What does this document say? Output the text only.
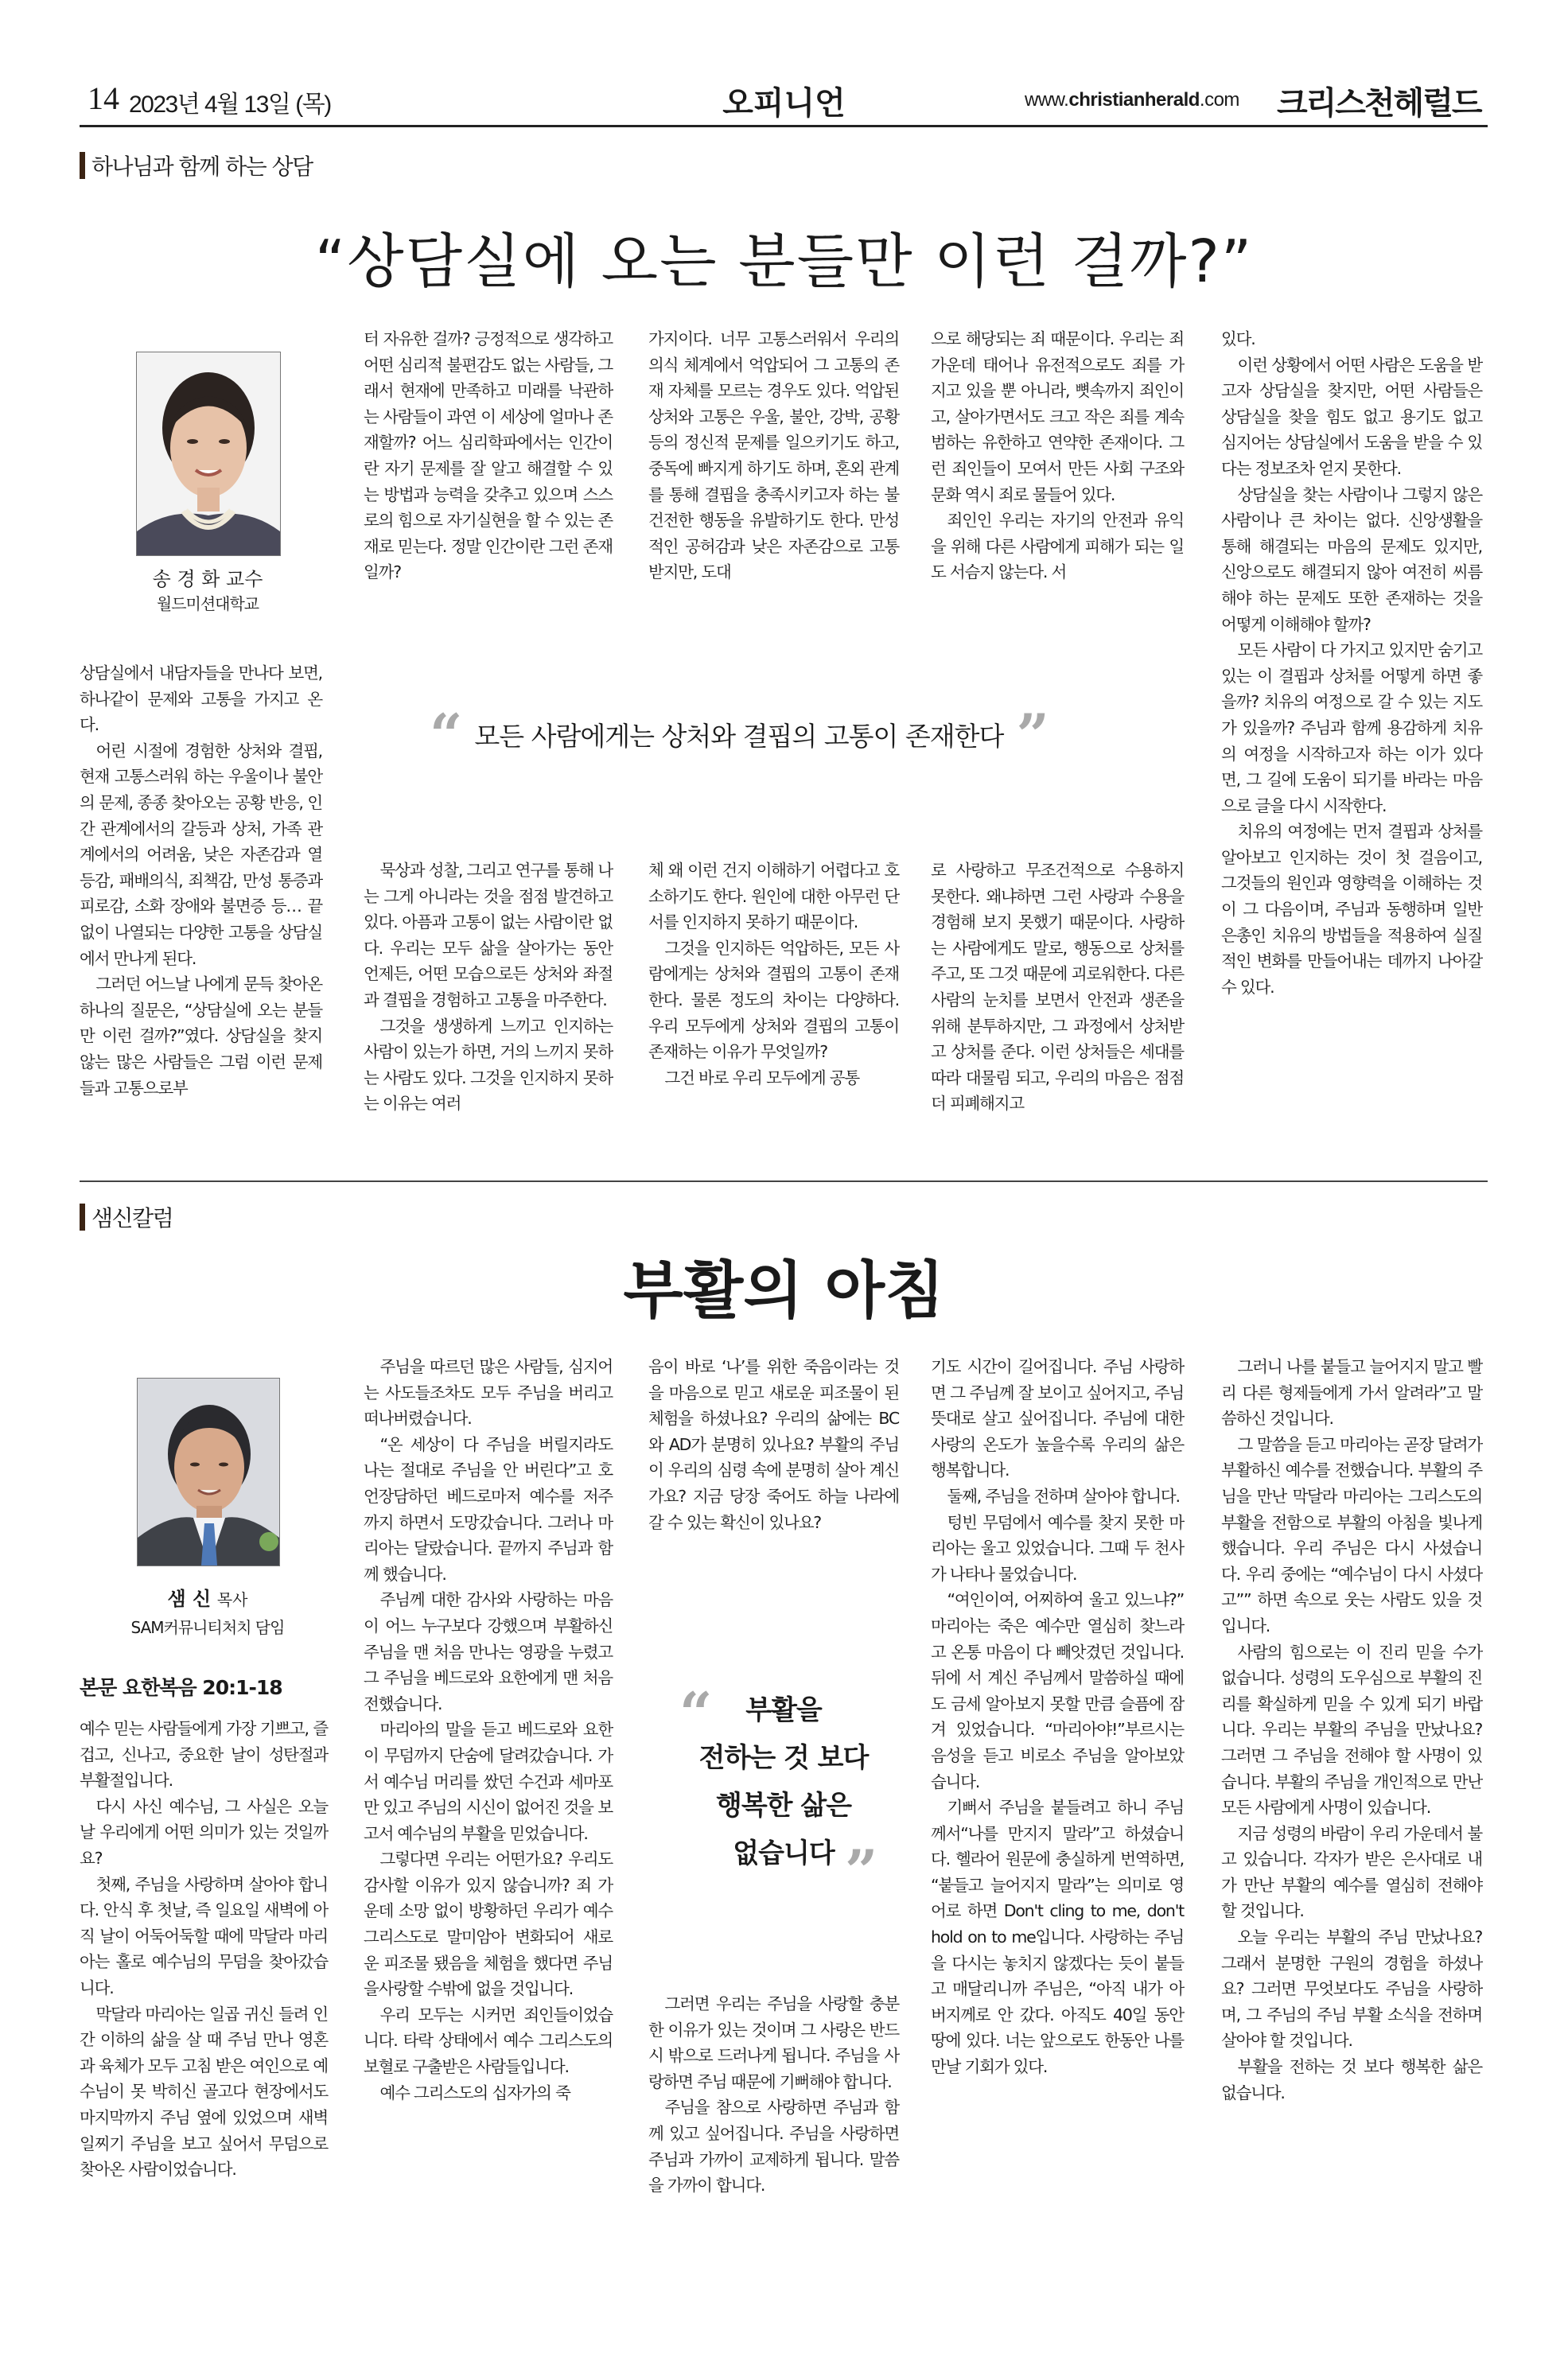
14 2023년 4월 13일 (목)	오피니언	www.christianherald.com 크리스천헤럴드
하나님과 함께 하는 상담
“상담실에 오는 분들만 이런 걸까?”
송 경 화 교수
월드미션대학교

상담실에서 내담자들을 만나다 보면, 하나같이 문제와 고통을 가지고 온다.

어린 시절에 경험한 상처와 결핍, 현재 고통스러워 하는 우울이나 불안의 문제, 종종 찾아오는 공황 반응, 인간 관계에서의 갈등과 상처, 가족 관계에서의 어려움, 낮은 자존감과 열등감, 패배의식, 죄책감, 만성 통증과 피로감, 소화 장애와 불면증 등… 끝없이 나열되는 다양한 고통을 상담실에서 만나게 된다.

그러던 어느날 나에게 문득 찾아온 하나의 질문은, “상담실에 오는 분들만 이런 걸까?”였다. 상담실을 찾지 않는 많은 사람들은 그럼 이런 문제들과 고통으로부

터 자유한 걸까? 긍정적으로 생각하고 어떤 심리적 불편감도 없는 사람들, 그래서 현재에 만족하고 미래를 낙관하는 사람들이 과연 이 세상에 얼마나 존재할까? 어느 심리학파에서는 인간이란 자기 문제를 잘 알고 해결할 수 있는 방법과 능력을 갖추고 있으며 스스로의 힘으로 자기실현을 할 수 있는 존재로 믿는다. 정말 인간이란 그런 존재일까?

가지이다. 너무 고통스러워서 우리의 의식 체계에서 억압되어 그 고통의 존재 자체를 모르는 경우도 있다. 억압된 상처와 고통은 우울, 불안, 강박, 공황 등의 정신적 문제를 일으키기도 하고, 중독에 빠지게 하기도 하며, 혼외 관계를 통해 결핍을 충족시키고자 하는 불건전한 행동을 유발하기도 한다. 만성적인 공허감과 낮은 자존감으로 고통받지만, 도대

으로 해당되는 죄 때문이다. 우리는 죄 가운데 태어나 유전적으로도 죄를 가지고 있을 뿐 아니라, 뼛속까지 죄인이고, 살아가면서도 크고 작은 죄를 계속 범하는 유한하고 연약한 존재이다. 그런 죄인들이 모여서 만든 사회 구조와 문화 역시 죄로 물들어 있다.

죄인인 우리는 자기의 안전과 유익을 위해 다른 사람에게 피해가 되는 일도 서슴지 않는다. 서

“ 모든 사람에게는 상처와 결핍의 고통이 존재한다 ”

묵상과 성찰, 그리고 연구를 통해 나는 그게 아니라는 것을 점점 발견하고 있다. 아픔과 고통이 없는 사람이란 없다. 우리는 모두 삶을 살아가는 동안 언제든, 어떤 모습으로든 상처와 좌절과 결핍을 경험하고 고통을 마주한다.

그것을 생생하게 느끼고 인지하는 사람이 있는가 하면, 거의 느끼지 못하는 사람도 있다. 그것을 인지하지 못하는 이유는 여러

체 왜 이런 건지 이해하기 어렵다고 호소하기도 한다. 원인에 대한 아무런 단서를 인지하지 못하기 때문이다.

그것을 인지하든 억압하든, 모든 사람에게는 상처와 결핍의 고통이 존재한다. 물론 정도의 차이는 다양하다. 우리 모두에게 상처와 결핍의 고통이 존재하는 이유가 무엇일까?

그건 바로 우리 모두에게 공통

로 사랑하고 무조건적으로 수용하지 못한다. 왜냐하면 그런 사랑과 수용을 경험해 보지 못했기 때문이다. 사랑하는 사람에게도 말로, 행동으로 상처를 주고, 또 그것 때문에 괴로워한다. 다른 사람의 눈치를 보면서 안전과 생존을 위해 분투하지만, 그 과정에서 상처받고 상처를 준다. 이런 상처들은 세대를 따라 대물림 되고, 우리의 마음은 점점 더 피폐해지고

있다.

이런 상황에서 어떤 사람은 도움을 받고자 상담실을 찾지만, 어떤 사람들은 상담실을 찾을 힘도 없고 용기도 없고 심지어는 상담실에서 도움을 받을 수 있다는 정보조차 얻지 못한다.

상담실을 찾는 사람이나 그렇지 않은 사람이나 큰 차이는 없다. 신앙생활을 통해 해결되는 마음의 문제도 있지만, 신앙으로도 해결되지 않아 여전히 씨름해야 하는 문제도 또한 존재하는 것을 어떻게 이해해야 할까?

모든 사람이 다 가지고 있지만 숨기고 있는 이 결핍과 상처를 어떻게 하면 좋을까? 치유의 여정으로 갈 수 있는 지도가 있을까? 주님과 함께 용감하게 치유의 여정을 시작하고자 하는 이가 있다면, 그 길에 도움이 되기를 바라는 마음으로 글을 다시 시작한다.

치유의 여정에는 먼저 결핍과 상처를 알아보고 인지하는 것이 첫 걸음이고, 그것들의 원인과 영향력을 이해하는 것이 그 다음이며, 주님과 동행하며 일반 은총인 치유의 방법들을 적용하여 실질적인 변화를 만들어내는 데까지 나아갈 수 있다.

샘신칼럼
부활의 아침
샘 신 목사
SAM커뮤니티처치 담임
본문 요한복음 20:1-18

예수 믿는 사람들에게 가장 기쁘고, 즐겁고, 신나고, 중요한 날이 성탄절과 부활절입니다.

다시 사신 예수님, 그 사실은 오늘날 우리에게 어떤 의미가 있는 것일까요?

첫째, 주님을 사랑하며 살아야 합니다. 안식 후 첫날, 즉 일요일 새벽에 아직 날이 어둑어둑할 때에 막달라 마리아는 홀로 예수님의 무덤을 찾아갔습니다.

막달라 마리아는 일곱 귀신 들려 인간 이하의 삶을 살 때 주님 만나 영혼과 육체가 모두 고침 받은 여인으로 예수님이 못 박히신 골고다 현장에서도 마지막까지 주님 옆에 있었으며 새벽 일찌기 주님을 보고 싶어서 무덤으로 찾아온 사람이었습니다.

주님을 따르던 많은 사람들, 심지어는 사도들조차도 모두 주님을 버리고 떠나버렸습니다.

“온 세상이 다 주님을 버릴지라도 나는 절대로 주님을 안 버린다”고 호언장담하던 베드로마저 예수를 저주까지 하면서 도망갔습니다. 그러나 마리아는 달랐습니다. 끝까지 주님과 함께 했습니다.

주님께 대한 감사와 사랑하는 마음이 어느 누구보다 강했으며 부활하신 주님을 맨 처음 만나는 영광을 누렸고 그 주님을 베드로와 요한에게 맨 처음 전했습니다.

마리아의 말을 듣고 베드로와 요한이 무덤까지 단숨에 달려갔습니다. 가서 예수님 머리를 쌌던 수건과 세마포만 있고 주님의 시신이 없어진 것을 보고서 예수님의 부활을 믿었습니다.

그렇다면 우리는 어떤가요? 우리도 감사할 이유가 있지 않습니까? 죄 가운데 소망 없이 방황하던 우리가 예수 그리스도로 말미암아 변화되어 새로운 피조물 됐음을 체험을 했다면 주님을사랑할 수밖에 없을 것입니다.

우리 모두는 시커먼 죄인들이었습니다. 타락 상태에서 예수 그리스도의 보혈로 구출받은 사람들입니다.

예수 그리스도의 십자가의 죽

음이 바로 ‘나’를 위한 죽음이라는 것을 마음으로 믿고 새로운 피조물이 된 체험을 하셨나요? 우리의 삶에는 BC와 AD가 분명히 있나요? 부활의 주님이 우리의 심령 속에 분명히 살아 계신가요? 지금 당장 죽어도 하늘 나라에 갈 수 있는 확신이 있나요?

“	부활을
전하는 것 보다
행복한 삶은
없습니다 ”

그러면 우리는 주님을 사랑할 충분한 이유가 있는 것이며 그 사랑은 반드시 밖으로 드러나게 됩니다. 주님을 사랑하면 주님 때문에 기뻐해야 합니다.

주님을 참으로 사랑하면 주님과 함께 있고 싶어집니다. 주님을 사랑하면 주님과 가까이 교제하게 됩니다. 말씀을 가까이 합니다.

기도 시간이 길어집니다. 주님 사랑하면 그 주님께 잘 보이고 싶어지고, 주님 뜻대로 살고 싶어집니다. 주님에 대한 사랑의 온도가 높을수록 우리의 삶은 행복합니다.

둘째, 주님을 전하며 살아야 합니다.

텅빈 무덤에서 예수를 찾지 못한 마리아는 울고 있었습니다. 그때 두 천사가 나타나 물었습니다.

“여인이여, 어찌하여 울고 있느냐?” 마리아는 죽은 예수만 열심히 찾느라고 온통 마음이 다 빼앗겼던 것입니다. 뒤에 서 계신 주님께서 말씀하실 때에도 금세 알아보지 못할 만큼 슬픔에 잠겨 있었습니다. “마리아야!”부르시는 음성을 듣고 비로소 주님을 알아보았습니다.

기뻐서 주님을 붙들려고 하니 주님께서“나를 만지지 말라”고 하셨습니다. 헬라어 원문에 충실하게 번역하면, “붙들고 늘어지지 말라”는 의미로 영어로 하면 Don't cling to me, don't hold on to me입니다. 사랑하는 주님을 다시는 놓치지 않겠다는 듯이 붙들고 매달리니까 주님은, “아직 내가 아버지께로 안 갔다. 아직도 40일 동안 땅에 있다. 너는 앞으로도 한동안 나를 만날 기회가 있다.

그러니 나를 붙들고 늘어지지 말고 빨리 다른 형제들에게 가서 알려라”고 말씀하신 것입니다.

그 말씀을 듣고 마리아는 곧장 달려가 부활하신 예수를 전했습니다. 부활의 주님을 만난 막달라 마리아는 그리스도의 부활을 전함으로 부활의 아침을 빛나게 했습니다. 우리 주님은 다시 사셨습니다. 우리 중에는 “예수님이 다시 사셨다고”” 하면 속으로 웃는 사람도 있을 것입니다.

사람의 힘으로는 이 진리 믿을 수가 없습니다. 성령의 도우심으로 부활의 진리를 확실하게 믿을 수 있게 되기 바랍니다. 우리는 부활의 주님을 만났나요? 그러면 그 주님을 전해야 할 사명이 있습니다. 부활의 주님을 개인적으로 만난 모든 사람에게 사명이 있습니다.

지금 성령의 바람이 우리 가운데서 불고 있습니다. 각자가 받은 은사대로 내가 만난 부활의 예수를 열심히 전해야 할 것입니다.

오늘 우리는 부활의 주님 만났나요? 그래서 분명한 구원의 경험을 하셨나요? 그러면 무엇보다도 주님을 사랑하며, 그 주님의 주님 부활 소식을 전하며 살아야 할 것입니다.

부활을 전하는 것 보다 행복한 삶은 없습니다.
